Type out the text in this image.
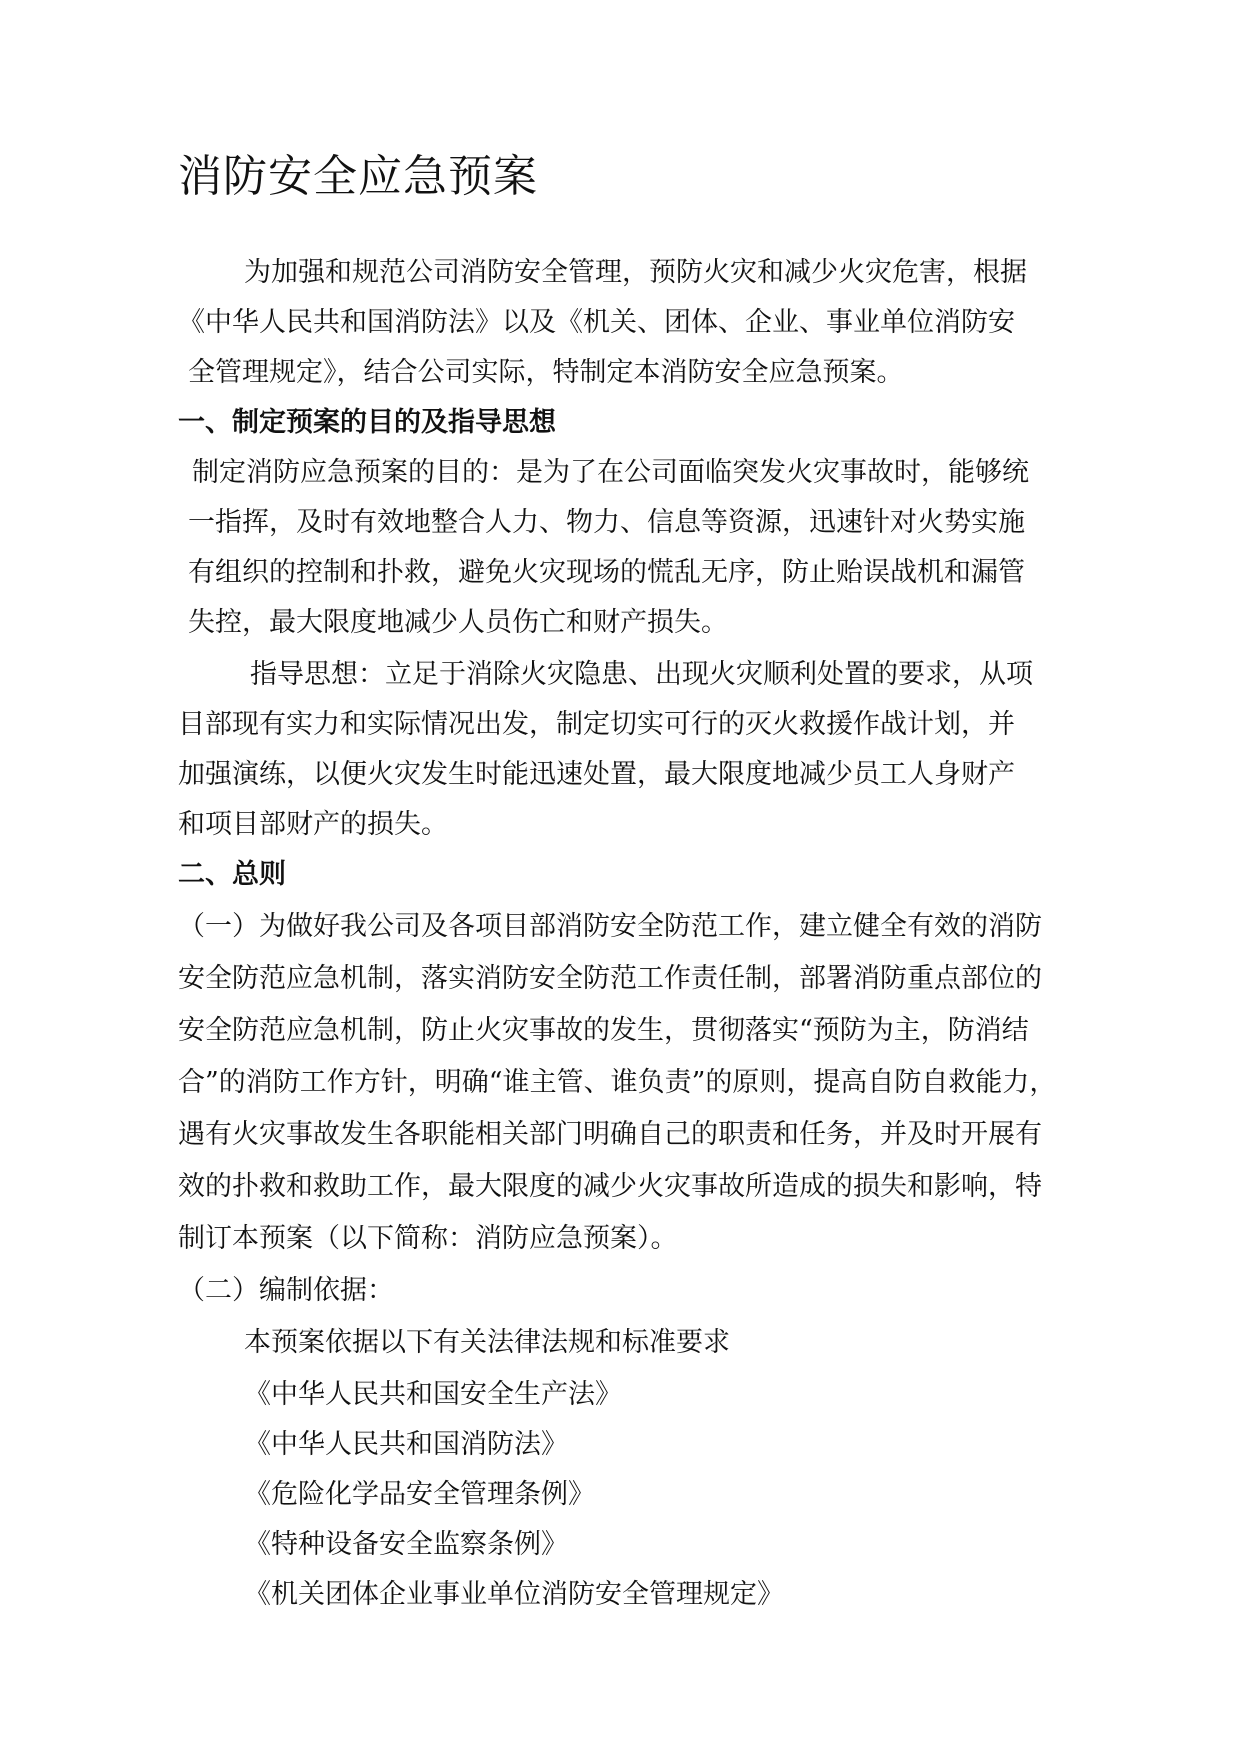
消防安全应急预案
为加强和规范公司消防安全管理，预防火灾和减少火灾危害，根据
《中华人民共和国消防法》以及《机关、团体、企业、事业单位消防安
全管理规定》，结合公司实际，特制定本消防安全应急预案。
一、制定预案的目的及指导思想
制定消防应急预案的目的：是为了在公司面临突发火灾事故时，能够统
一指挥，及时有效地整合人力、物力、信息等资源，迅速针对火势实施
有组织的控制和扑救，避免火灾现场的慌乱无序，防止贻误战机和漏管
失控，最大限度地减少人员伤亡和财产损失。
指导思想：立足于消除火灾隐患、出现火灾顺利处置的要求，从项
目部现有实力和实际情况出发，制定切实可行的灭火救援作战计划，并
加强演练，以便火灾发生时能迅速处置，最大限度地减少员工人身财产
和项目部财产的损失。
二、总则
（一）为做好我公司及各项目部消防安全防范工作，建立健全有效的消防
安全防范应急机制，落实消防安全防范工作责任制，部署消防重点部位的
安全防范应急机制，防止火灾事故的发生，贯彻落实“预防为主，防消结
合”的消防工作方针，明确“谁主管、谁负责”的原则，提高自防自救能力，
遇有火灾事故发生各职能相关部门明确自己的职责和任务，并及时开展有
效的扑救和救助工作，最大限度的减少火灾事故所造成的损失和影响，特
制订本预案（以下简称：消防应急预案）。
（二）编制依据：
本预案依据以下有关法律法规和标准要求
《中华人民共和国安全生产法》
《中华人民共和国消防法》
《危险化学品安全管理条例》
《特种设备安全监察条例》
《机关团体企业事业单位消防安全管理规定》
